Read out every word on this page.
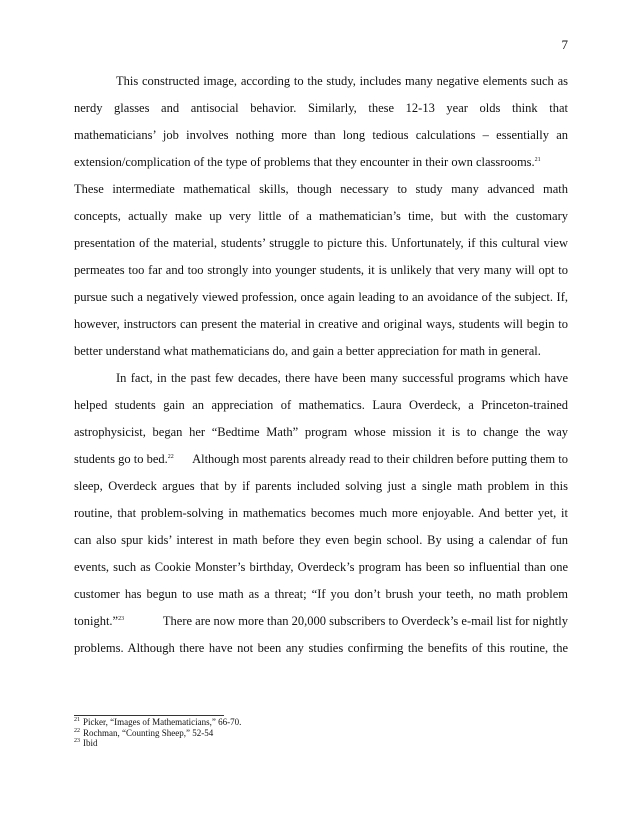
7
This constructed image, according to the study, includes many negative elements such as
nerdy glasses and antisocial behavior. Similarly, these 12-13 year olds think that
mathematicians’ job involves nothing more than long tedious calculations – essentially an
extension/complication of the type of problems that they encounter in their own classrooms.$^{21}$
These intermediate mathematical skills, though necessary to study many advanced math
concepts, actually make up very little of a mathematician’s time, but with the customary
presentation of the material, students’ struggle to picture this. Unfortunately, if this cultural view
permeates too far and too strongly into younger students, it is unlikely that very many will opt to
pursue such a negatively viewed profession, once again leading to an avoidance of the subject. If,
however, instructors can present the material in creative and original ways, students will begin to
better understand what mathematicians do, and gain a better appreciation for math in general.
In fact, in the past few decades, there have been many successful programs which have
helped students gain an appreciation of mathematics. Laura Overdeck, a Princeton-trained
astrophysicist, began her “Bedtime Math” program whose mission it is to change the way
students go to bed.$^{22}$ Although most parents already read to their children before putting them to
sleep, Overdeck argues that by if parents included solving just a single math problem in this
routine, that problem-solving in mathematics becomes much more enjoyable. And better yet, it
can also spur kids’ interest in math before they even begin school. By using a calendar of fun
events, such as Cookie Monster’s birthday, Overdeck’s program has been so influential than one
customer has begun to use math as a threat; “If you don’t brush your teeth, no math problem
tonight.”$^{23}$	There are now more than 20,000 subscribers to Overdeck’s e-mail list for nightly
problems. Although there have not been any studies confirming the benefits of this routine, the
$^{21}$ Picker, “Images of Mathematicians,” 66-70.
$^{22}$ Rochman, “Counting Sheep,” 52-54
$^{23}$ Ibid
